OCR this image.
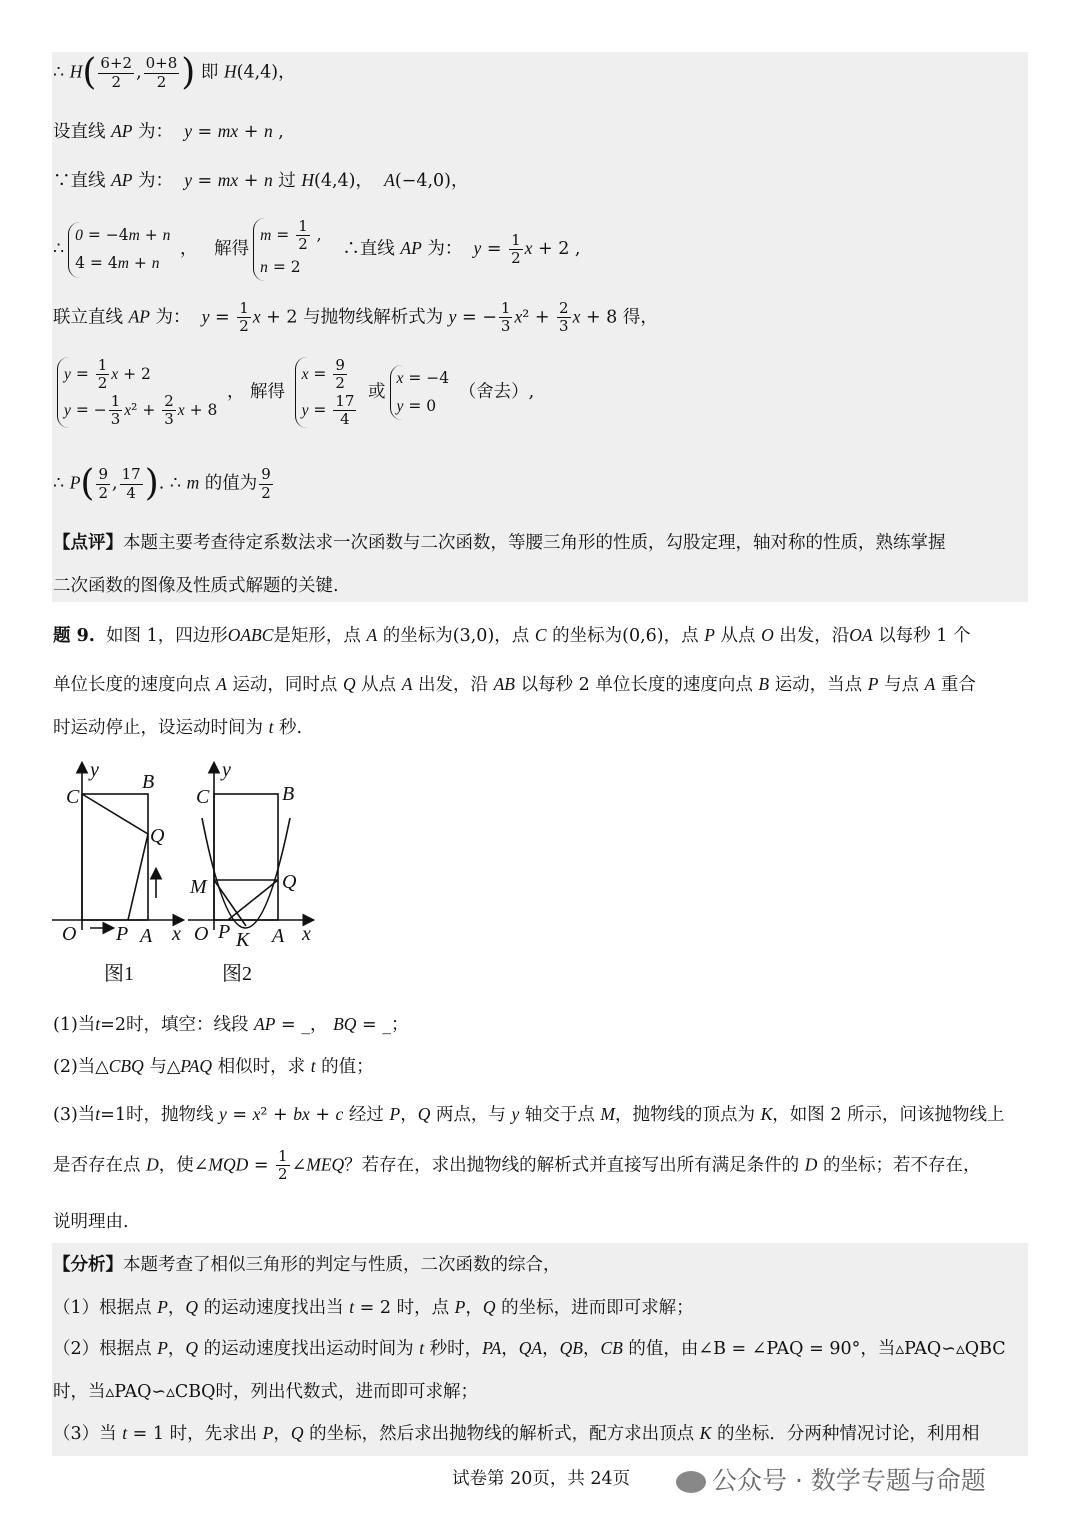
∴ $H( \frac{6+2}{2}$ , $\frac{0+8}{2}$ ) 即 H(4,4)，
设直线 AP 为： y = mx + n ,
∵直线 AP 为： y = mx + n 过 H(4,4)，  A(−4,0)，
∴0 = −4m + n
4 = 4m + n ，   解得$m = \frac{1}{2}$ ,
n = 2   ∴直线 AP 为： $y = \frac{1}{2}$ x + 2 ,
联立直线 AP 为： $y = \frac{1}{2}$ x + 2 与抛物线解析式为 y = − $\frac{1}{3} x^2 + \frac{2}{3}$ x + 8 得，
$y = \frac{1}{2}$ x + 2
y = − $\frac{1}{3} x^2 + \frac{2}{3}$ x + 8 ， 解得 $x = \frac{9}{2}$

$y = \frac{17}{4}$
或x = −4
y = 0 （舍去）,
∴ $P( \frac{9}{2}$ , $\frac{17}{4}$ ). ∴ m 的值为 $\frac{9}{2}$
【点评】本题主要考查待定系数法求一次函数与二次函数，等腰三角形的性质，勾股定理，轴对称的性质，熟练掌握
二次函数的图像及性质式解题的关键.
题 9. 如图 1，四边形OABC是矩形，点 A 的坐标为(3,0)，点 C 的坐标为(0,6)，点 P 从点 O 出发，沿OA 以每秒 1 个
单位长度的速度向点 A 运动，同时点 Q 从点 A 出发，沿 AB 以每秒 2 单位长度的速度向点 B 运动，当点 P 与点 A 重合
时运动停止，设运动时间为 t 秒.
y
C
B
Q
O P A x
图1
y
C	B
M	Q
O P K A x
图2
(1)当t=2时，填空：线段 AP = _， BQ = _；
(2)当△CBQ 与△PAQ 相似时，求 t 的值；
(3)当t=1时，抛物线 y = x² + bx + c 经过 P，Q 两点，与 y 轴交于点 M，抛物线的顶点为 K，如图 2 所示，问该抛物线上
是否存在点 D，使∠MQD = $\frac{1}{2}$ ∠MEQ？若存在，求出抛物线的解析式并直接写出所有满足条件的 D 的坐标；若不存在，
说明理由.
【分析】本题考查了相似三角形的判定与性质，二次函数的综合，
（1）根据点 P，Q 的运动速度找出当 t = 2 时，点 P，Q 的坐标，进而即可求解；
（2）根据点 P，Q 的运动速度找出运动时间为 t 秒时，PA，QA，QB，CB 的值，由∠B = ∠PAQ = 90°，当▵PAQ∽▵QBC
时，当▵PAQ∽▵CBQ时，列出代数式，进而即可求解；
（3）当 t = 1 时，先求出 P，Q 的坐标，然后求出抛物线的解析式，配方求出顶点 K 的坐标．分两种情况讨论，利用相
试卷第 20页，共 24页	公众号 · 数学专题与命题
